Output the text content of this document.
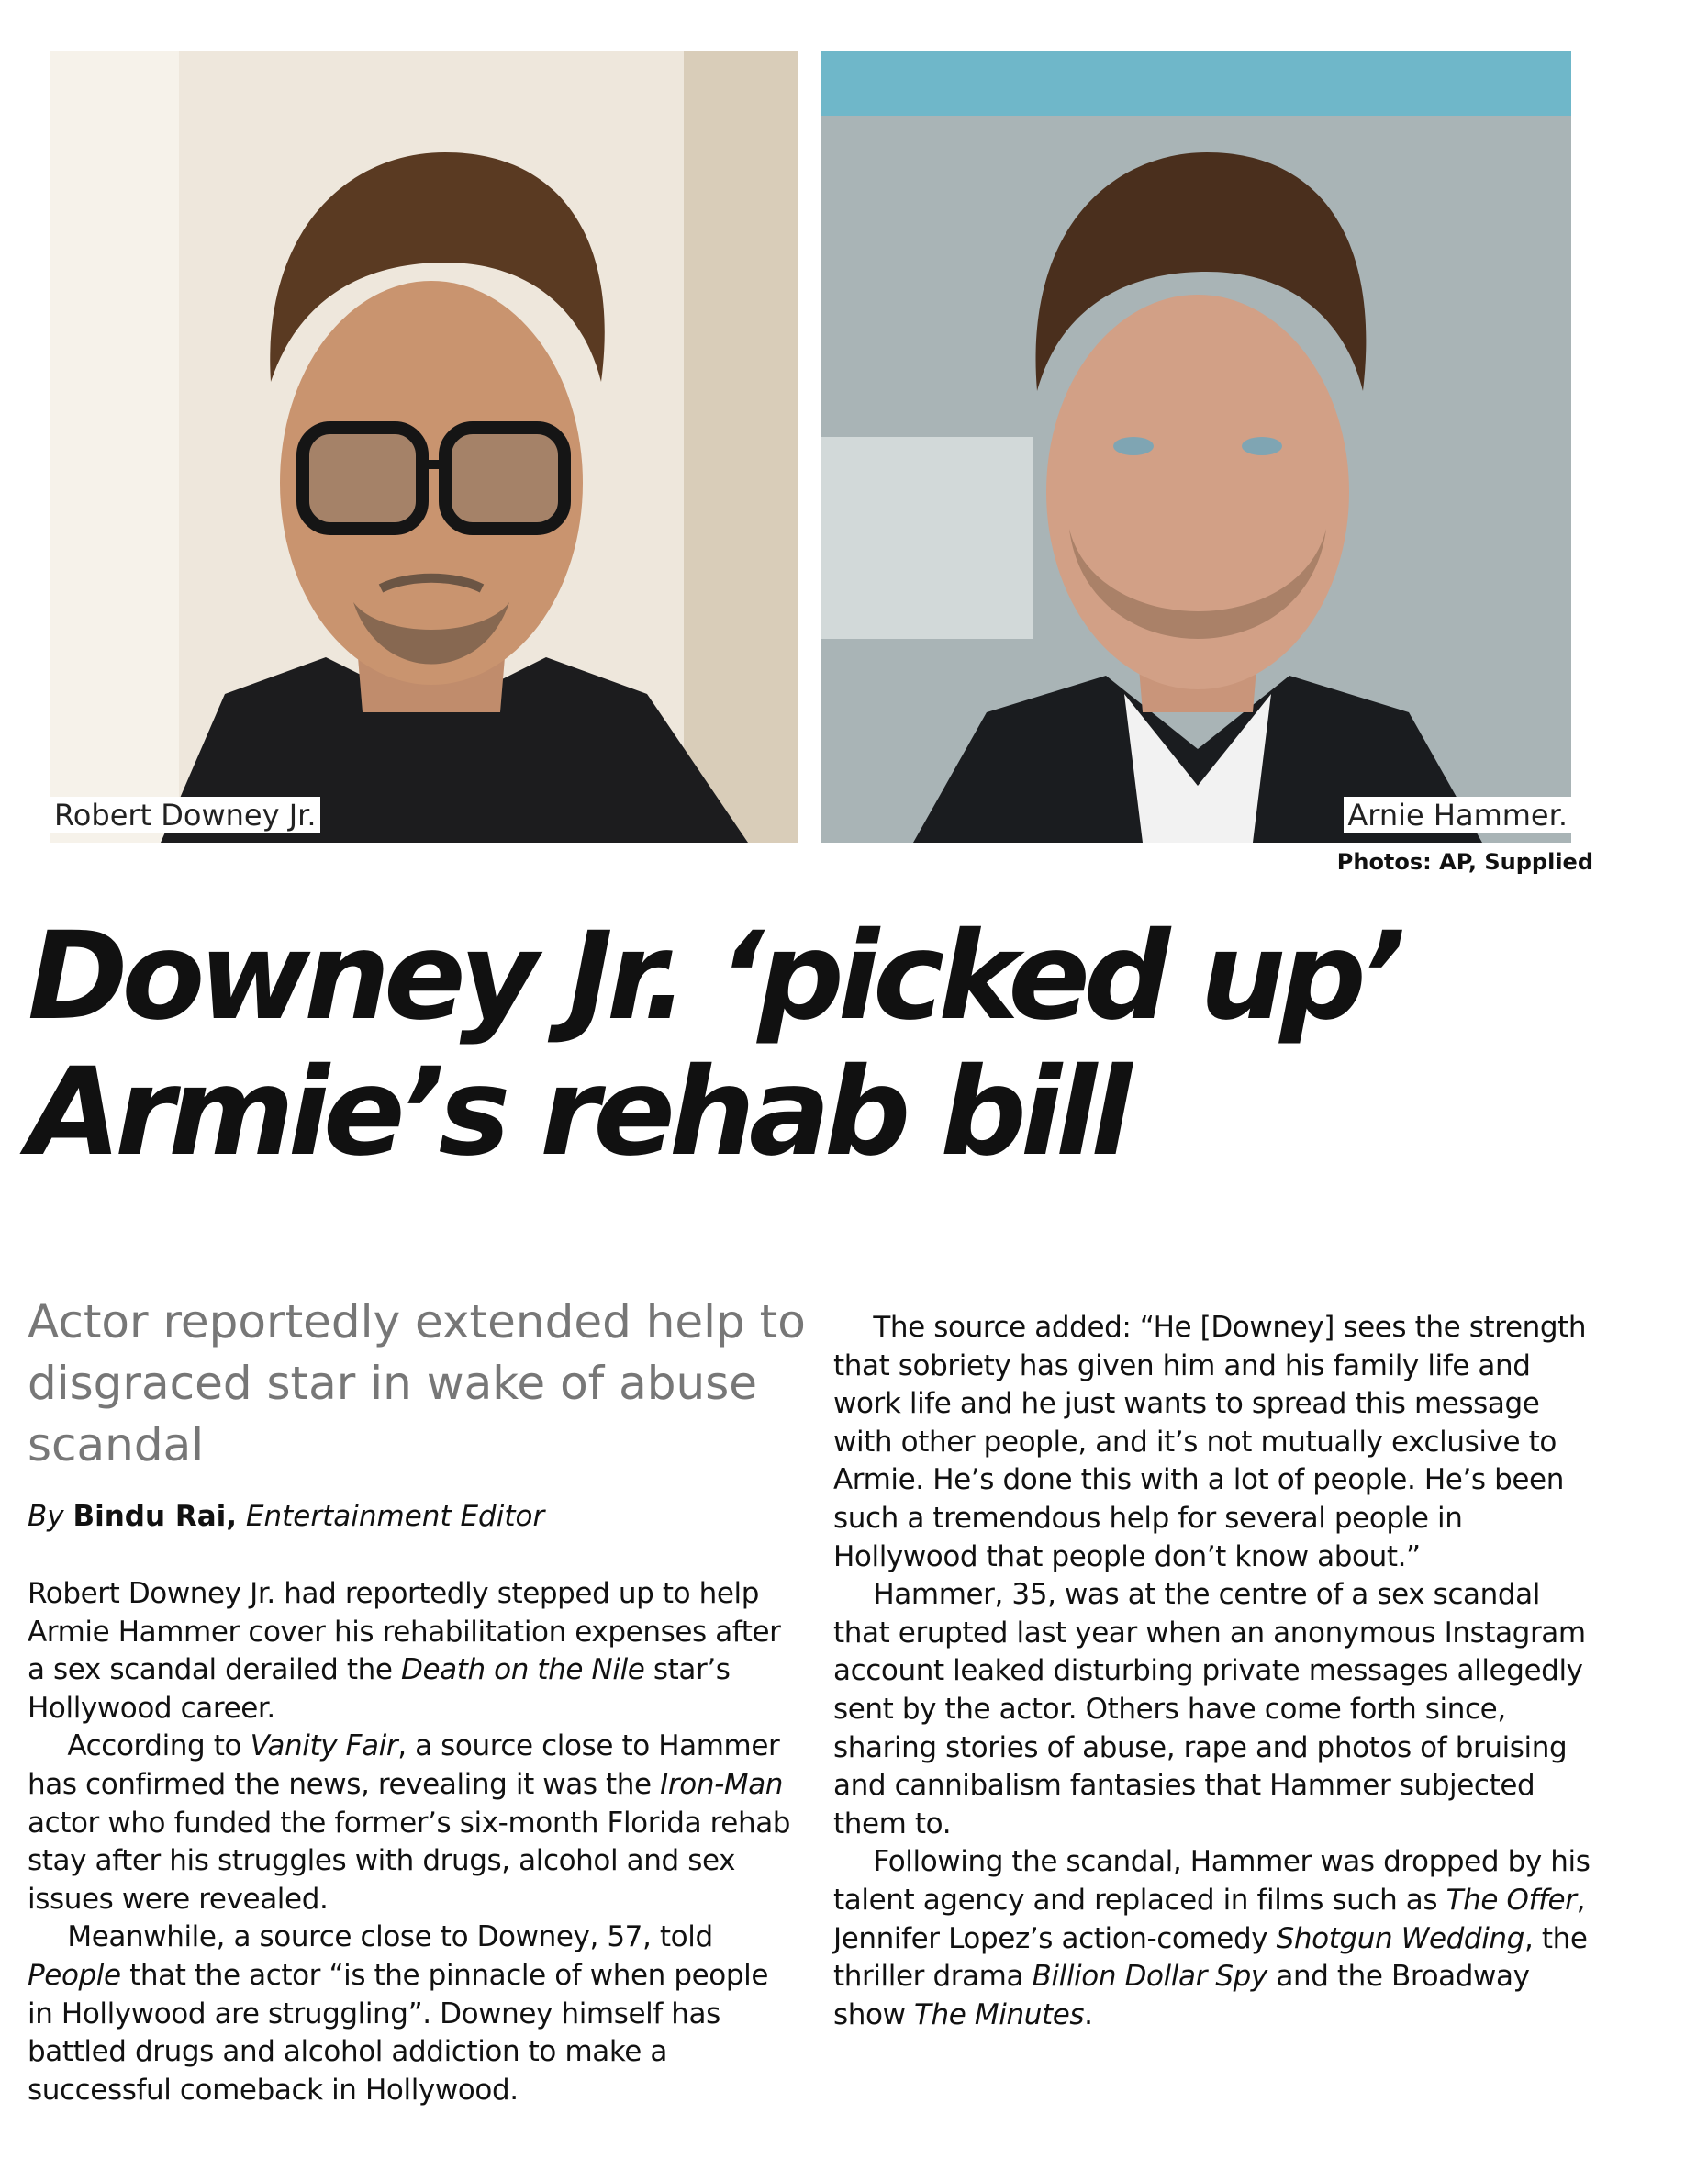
Robert Downey Jr.	Arnie Hammer.
Photos: AP, Supplied
Downey Jr. ‘picked up’
Armie’s rehab bill
Actor reportedly extended help to disgraced star in wake of abuse scandal
By Bindu Rai, Entertainment Editor

Robert Downey Jr. had reportedly stepped up to help Armie Hammer cover his rehabilitation expenses after a sex scandal derailed the Death on the Nile star’s Hollywood career.

According to Vanity Fair, a source close to Hammer has confirmed the news, revealing it was the Iron-Man actor who funded the former’s six-month Florida rehab stay after his struggles with drugs, alcohol and sex issues were revealed.

Meanwhile, a source close to Downey, 57, told People that the actor “is the pinnacle of when people in Hollywood are struggling”. Downey himself has battled drugs and alcohol addiction to make a successful comeback in Hollywood.

The source added: “He [Downey] sees the strength that sobriety has given him and his family life and work life and he just wants to spread this message with other people, and it’s not mutually exclusive to Armie. He’s done this with a lot of people. He’s been such a tremendous help for several people in Hollywood that people don’t know about.”

Hammer, 35, was at the centre of a sex scandal that erupted last year when an anonymous Instagram account leaked disturbing private messages allegedly sent by the actor. Others have come forth since, sharing stories of abuse, rape and photos of bruising and cannibalism fantasies that Hammer subjected them to.

Following the scandal, Hammer was dropped by his talent agency and replaced in films such as The Offer, Jennifer Lopez’s action-comedy Shotgun Wedding, the thriller drama Billion Dollar Spy and the Broadway show The Minutes.
